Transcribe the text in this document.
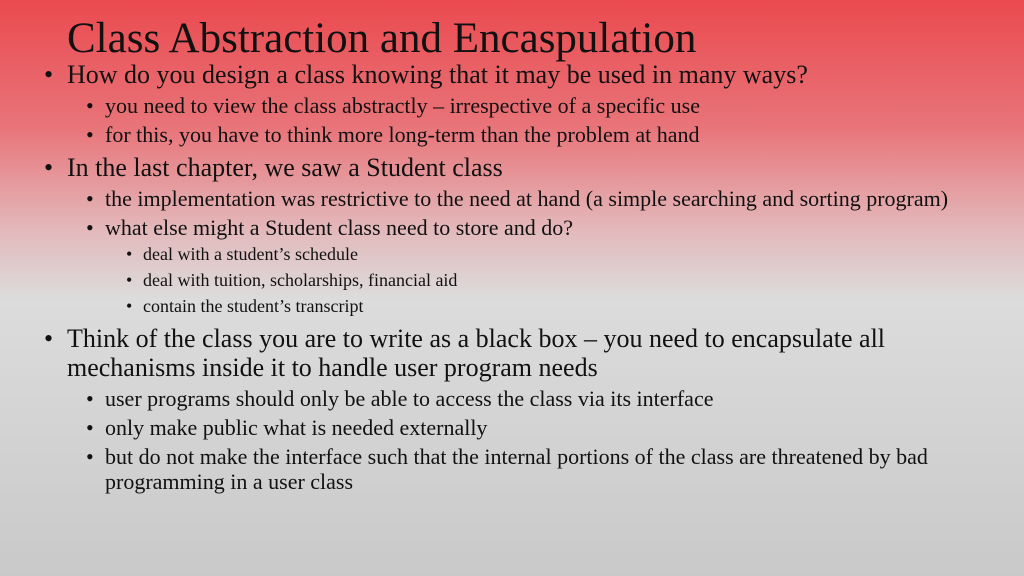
Class Abstraction and Encaspulation
• How do you design a class knowing that it may be used in many ways?
• you need to view the class abstractly – irrespective of a specific use
• for this, you have to think more long-term than the problem at hand
• In the last chapter, we saw a Student class
• the implementation was restrictive to the need at hand (a simple searching and sorting program)
• what else might a Student class need to store and do?
• deal with a student’s schedule
• deal with tuition, scholarships, financial aid
• contain the student’s transcript
• Think of the class you are to write as a black box – you need to encapsulate all mechanisms inside it to handle user program needs
• user programs should only be able to access the class via its interface
• only make public what is needed externally
• but do not make the interface such that the internal portions of the class are threatened by bad programming in a user class
